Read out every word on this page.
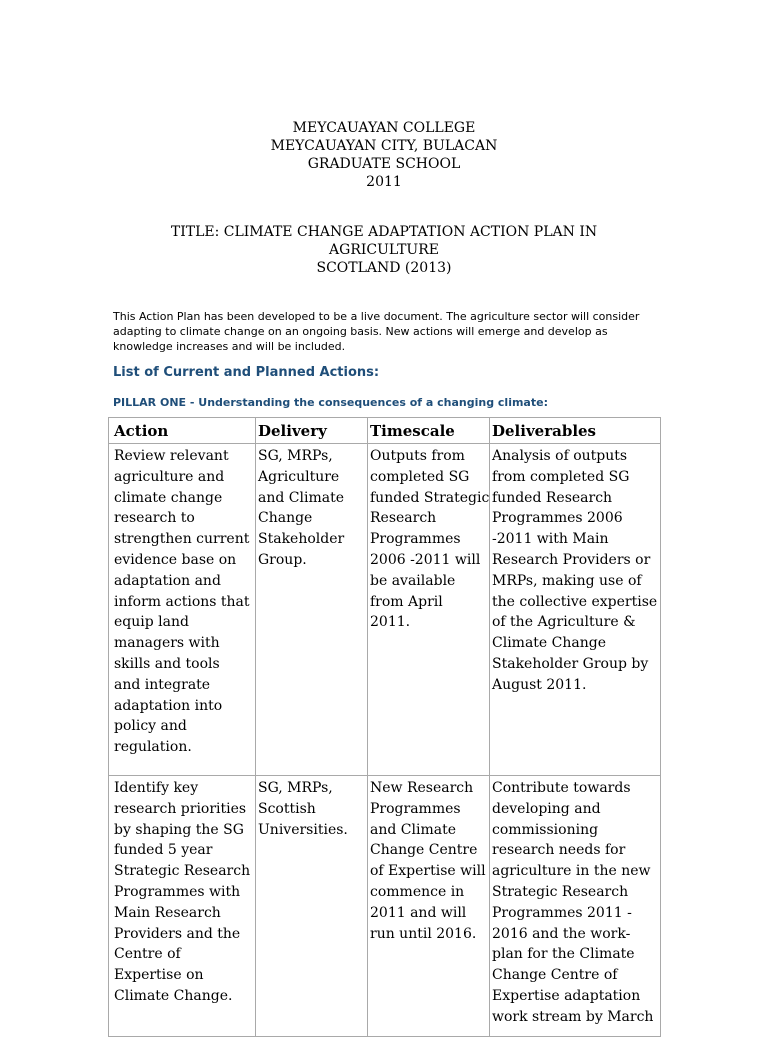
MEYCAUAYAN COLLEGE
MEYCAUAYAN CITY, BULACAN
GRADUATE SCHOOL
2011
TITLE: CLIMATE CHANGE ADAPTATION ACTION PLAN IN
AGRICULTURE
SCOTLAND (2013)
This Action Plan has been developed to be a live document. The agriculture sector will consider
adapting to climate change on an ongoing basis. New actions will emerge and develop as
knowledge increases and will be included.
List of Current and Planned Actions:
PILLAR ONE - Understanding the consequences of a changing climate:
Action	Delivery	Timescale Deliverables
Review relevant
agriculture and
climate change
research to
strengthen current
evidence base on
adaptation and
inform actions that
equip land
managers with
skills and tools
and integrate
adaptation into
policy and
regulation.
SG, MRPs,
Agriculture
and Climate
Change
Stakeholder
Group.
Outputs from
completed SG
funded Strategic
Research
Programmes
2006 -2011 will
be available
from April
2011.
Analysis of outputs
from completed SG
funded Research
Programmes 2006
-2011 with Main
Research Providers or
MRPs, making use of
the collective expertise
of the Agriculture &
Climate Change
Stakeholder Group by
August 2011.
Identify key
research priorities
by shaping the SG
funded 5 year
Strategic Research
Programmes with
Main Research
Providers and the
Centre of
Expertise on
Climate Change.
SG, MRPs,
Scottish
Universities.
New Research
Programmes
and Climate
Change Centre
of Expertise will
commence in
2011 and will
run until 2016.
Contribute towards
developing and
commissioning
research needs for
agriculture in the new
Strategic Research
Programmes 2011 -
2016 and the work-
plan for the Climate
Change Centre of
Expertise adaptation
work stream by March
